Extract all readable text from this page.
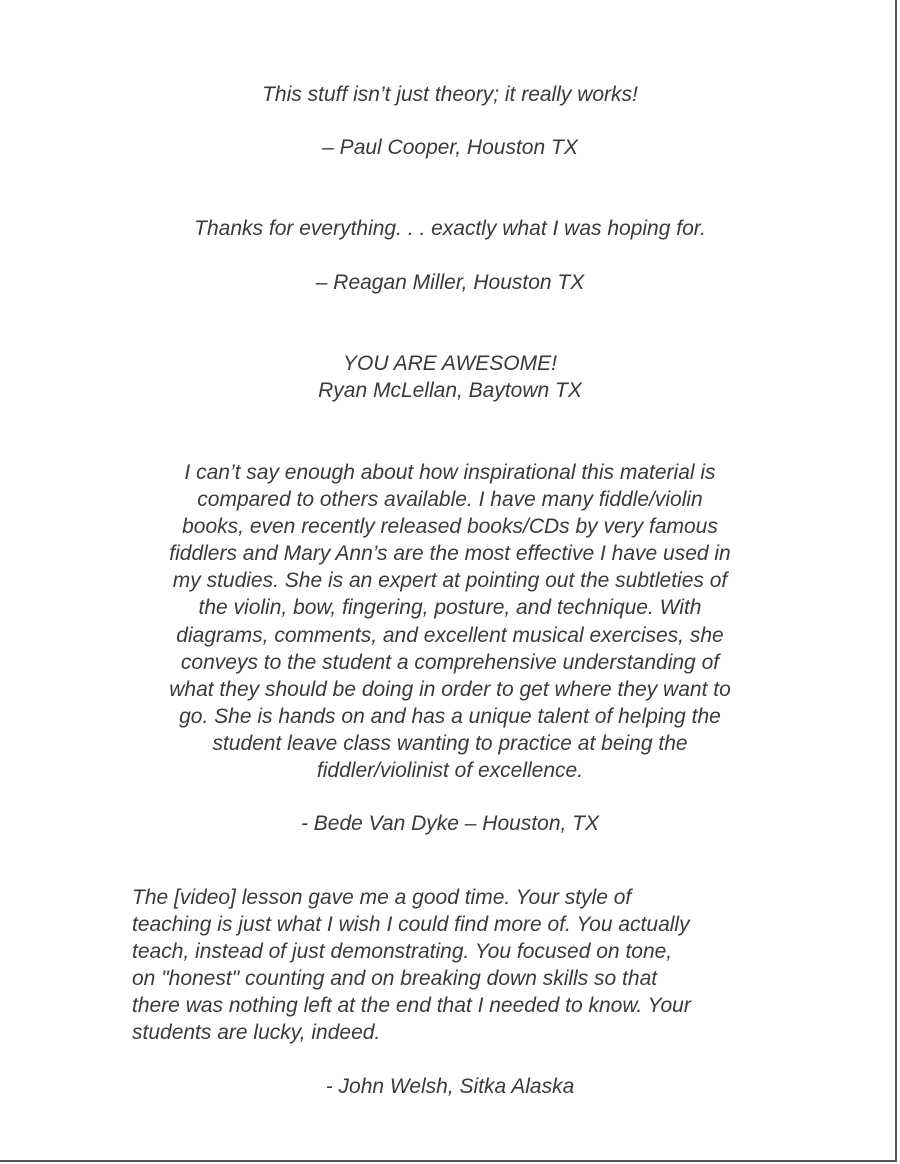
This stuff isn’t just theory; it really works!

– Paul Cooper, Houston TX

Thanks for everything. . . exactly what I was hoping for.

– Reagan Miller, Houston TX

YOU ARE AWESOME!

Ryan McLellan, Baytown TX

I can’t say enough about how inspirational this material is
compared to others available. I have many fiddle/violin
books, even recently released books/CDs by very famous
fiddlers and Mary Ann’s are the most effective I have used in
my studies. She is an expert at pointing out the subtleties of
the violin, bow, fingering, posture, and technique. With
diagrams, comments, and excellent musical exercises, she
conveys to the student a comprehensive understanding of
what they should be doing in order to get where they want to
go. She is hands on and has a unique talent of helping the
student leave class wanting to practice at being the
fiddler/violinist of excellence.

- Bede Van Dyke – Houston, TX

The [video] lesson gave me a good time. Your style of
teaching is just what I wish I could find more of. You actually
teach, instead of just demonstrating. You focused on tone,
on "honest" counting and on breaking down skills so that
there was nothing left at the end that I needed to know. Your
students are lucky, indeed.

- John Welsh, Sitka Alaska
